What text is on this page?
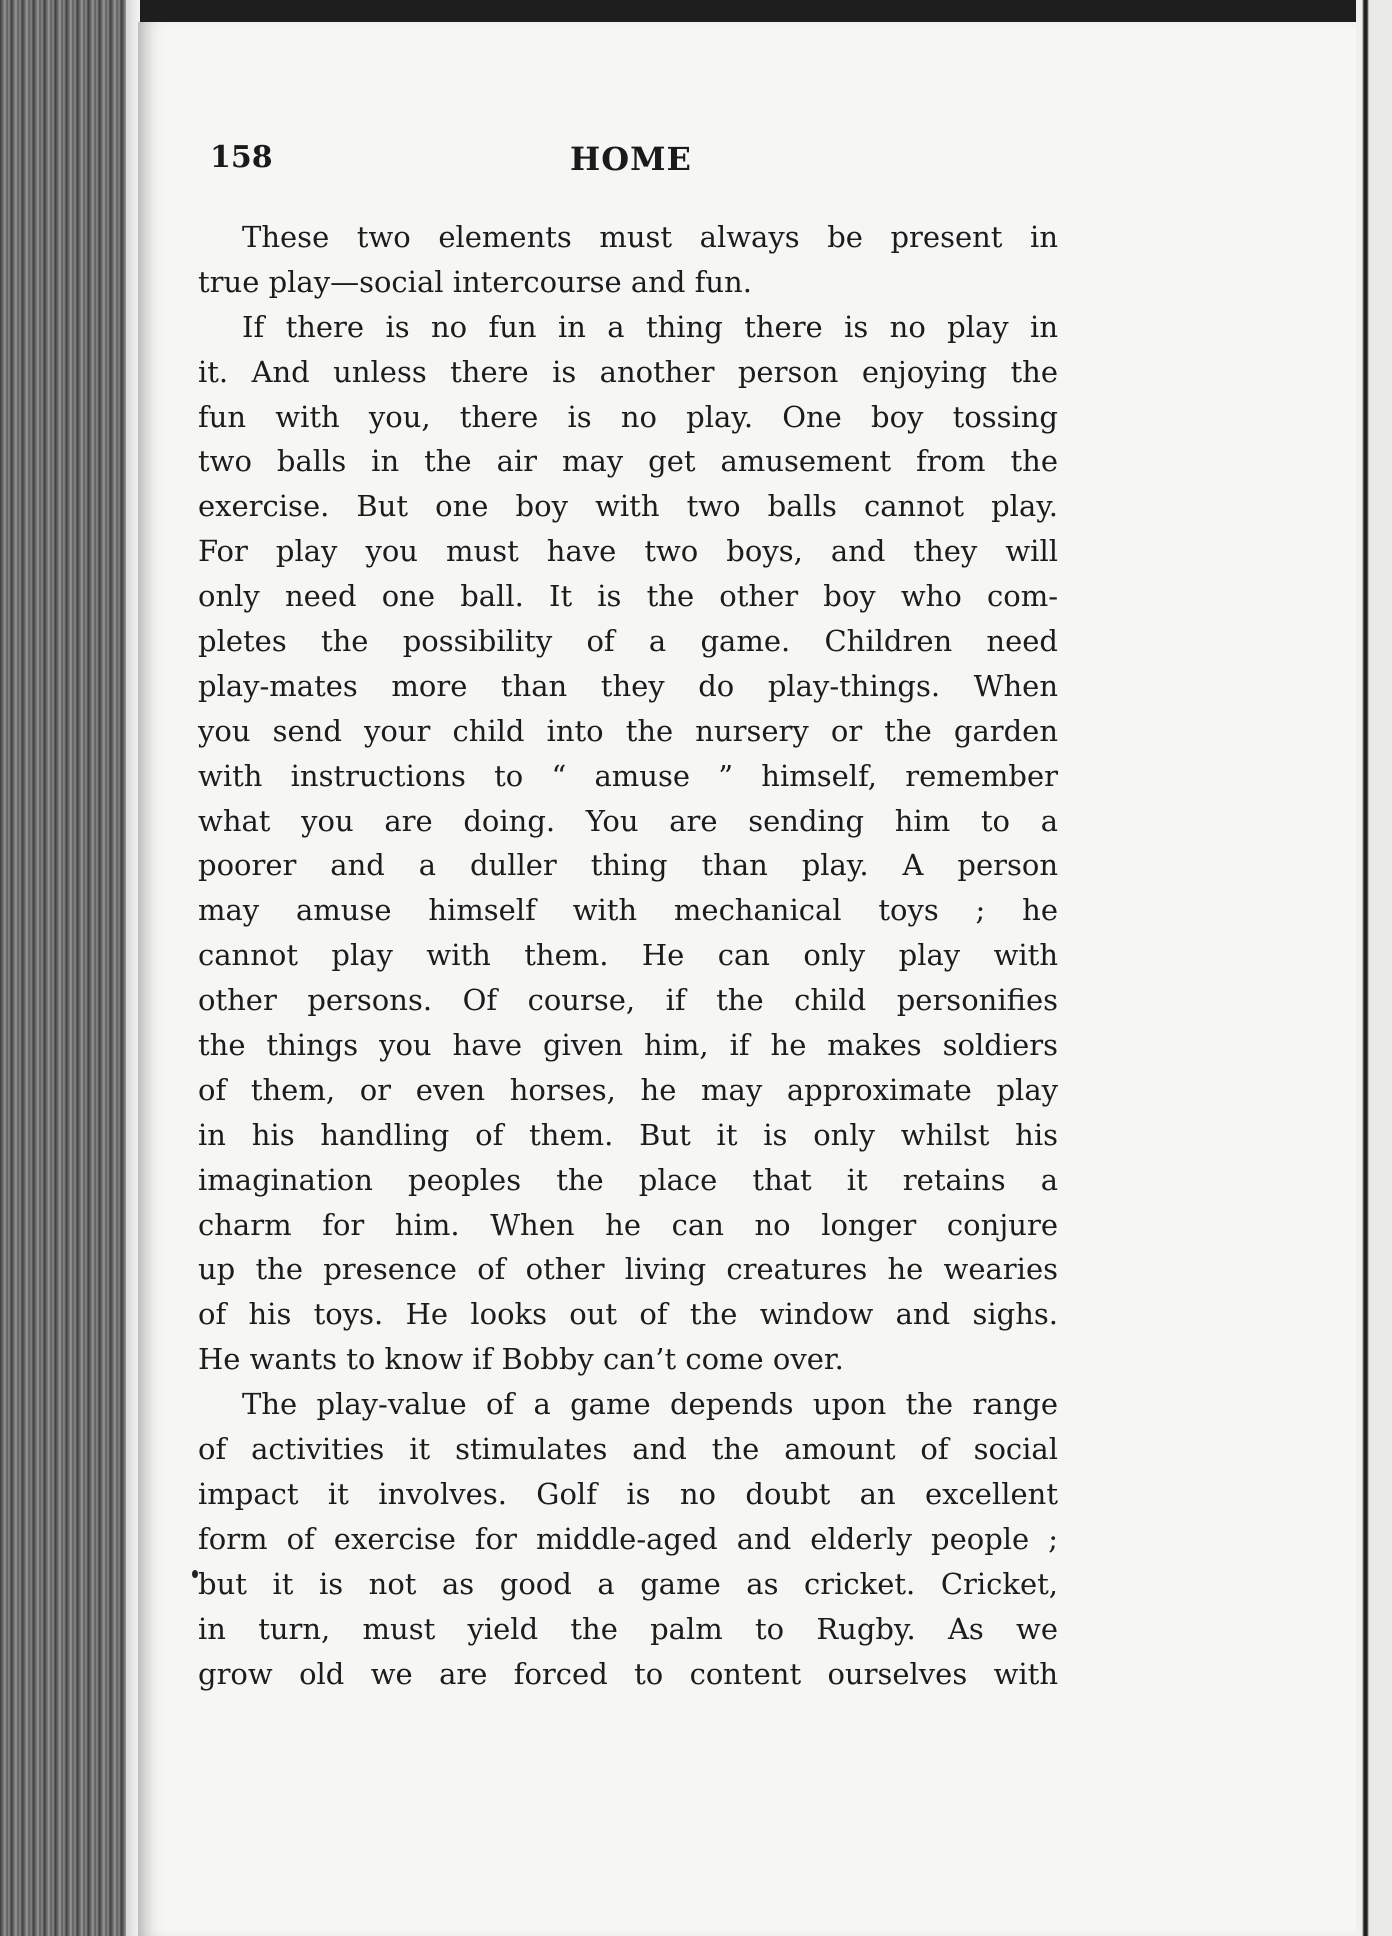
158	HOME
These two elements must always be present in
true play—social intercourse and fun.
If there is no fun in a thing there is no play in
it. And unless there is another person enjoying the
fun with you, there is no play. One boy tossing
two balls in the air may get amusement from the
exercise. But one boy with two balls cannot play.
For play you must have two boys, and they will
only need one ball. It is the other boy who com-
pletes the possibility of a game. Children need
play-mates more than they do play-things. When
you send your child into the nursery or the garden
with instructions to “ amuse ” himself, remember
what you are doing. You are sending him to a
poorer and a duller thing than play. A person
may amuse himself with mechanical toys ; he
cannot play with them. He can only play with
other persons. Of course, if the child personifies
the things you have given him, if he makes soldiers
of them, or even horses, he may approximate play
in his handling of them. But it is only whilst his
imagination peoples the place that it retains a
charm for him. When he can no longer conjure
up the presence of other living creatures he wearies
of his toys. He looks out of the window and sighs.
He wants to know if Bobby can’t come over.
The play-value of a game depends upon the range
of activities it stimulates and the amount of social
impact it involves. Golf is no doubt an excellent
form of exercise for middle-aged and elderly people ;
but it is not as good a game as cricket. Cricket,
in turn, must yield the palm to Rugby. As we
grow old we are forced to content ourselves with
